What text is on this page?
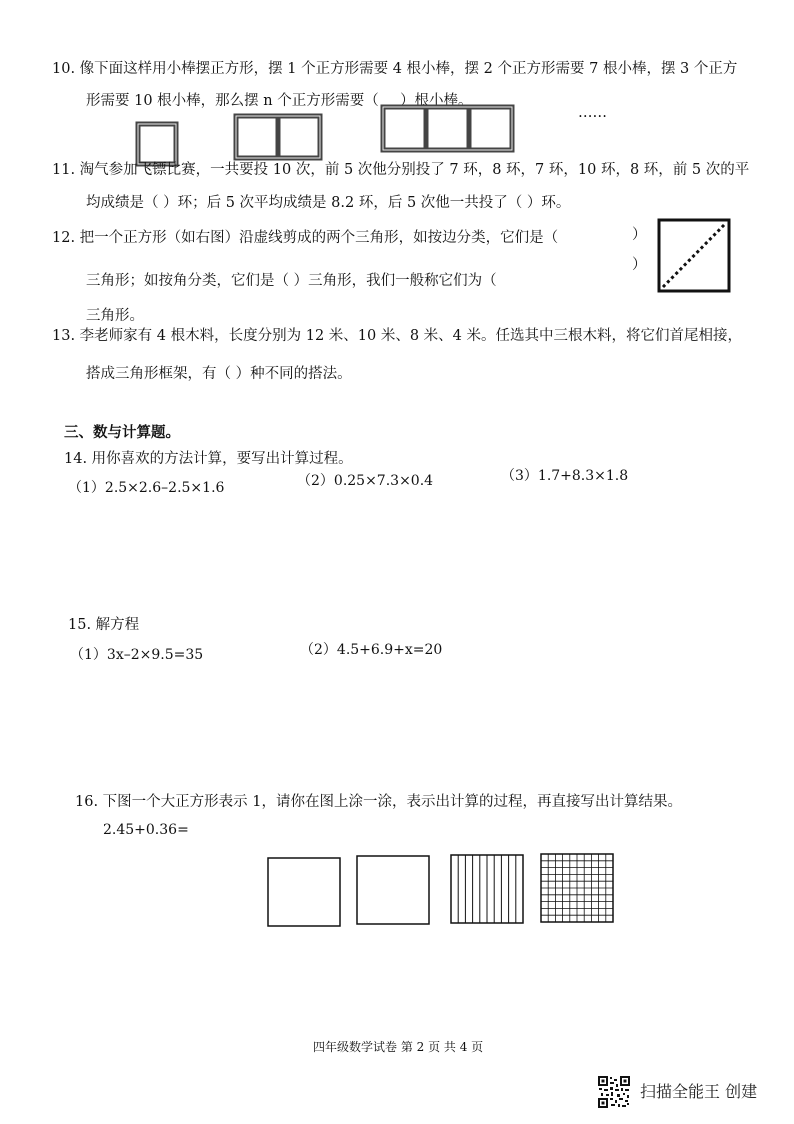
10. 像下面这样用小棒摆正方形，摆 1 个正方形需要 4 根小棒，摆 2 个正方形需要 7 根小棒，摆 3 个正方
形需要 10 根小棒，那么摆 n 个正方形需要（ ）根小棒。
……
11. 淘气参加飞镖比赛，一共要投 10 次，前 5 次他分别投了 7 环，8 环，7 环，10 环，8 环，前 5 次的平
均成绩是（ ）环；后 5 次平均成绩是 8.2 环，后 5 次他一共投了（ ）环。
12. 把一个正方形（如右图）沿虚线剪成的两个三角形，如按边分类，它们是（	）
）
三角形；如按角分类，它们是（ ）三角形，我们一般称它们为（
三角形。
13. 李老师家有 4 根木料，长度分别为 12 米、10 米、8 米、4 米。任选其中三根木料，将它们首尾相接，
搭成三角形框架，有（ ）种不同的搭法。
三、数与计算题。
14. 用你喜欢的方法计算，要写出计算过程。
（1）2.5×2.6–2.5×1.6	（2）0.25×7.3×0.4	（3）1.7+8.3×1.8
15. 解方程
（1）3x–2×9.5=35	（2）4.5+6.9+x=20
16. 下图一个大正方形表示 1，请你在图上涂一涂，表示出计算的过程，再直接写出计算结果。
2.45+0.36=
四年级数学试卷 第 2 页 共 4 页
扫描全能王 创建
